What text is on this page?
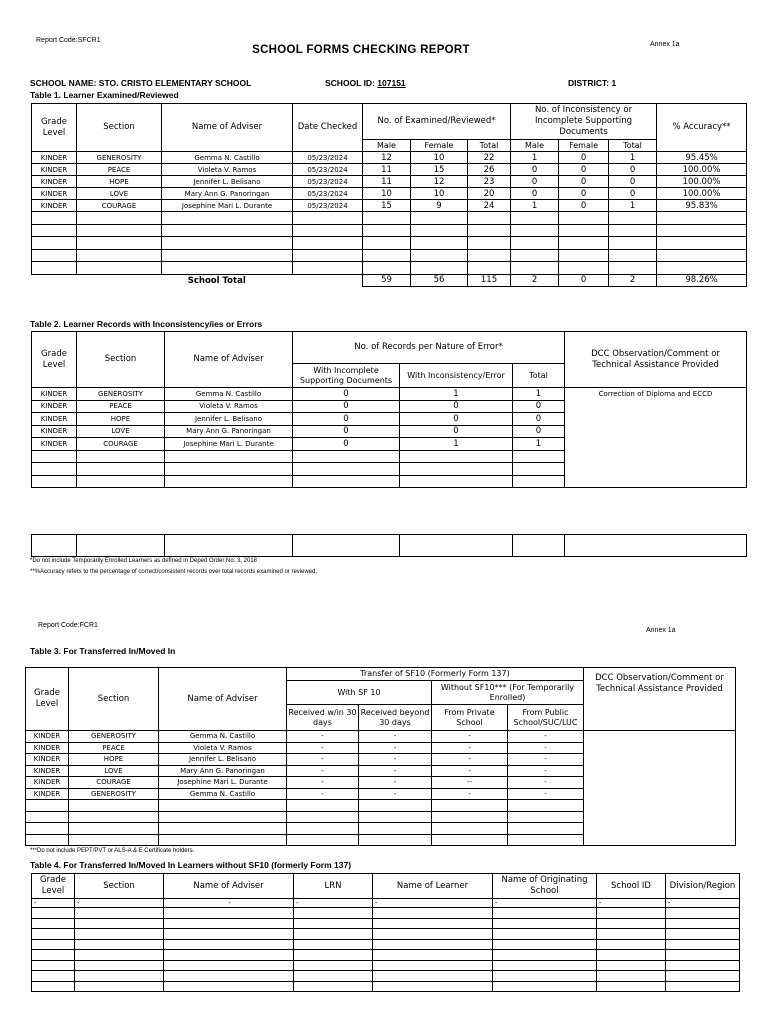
Report Code:SFCR1
Annex 1a
SCHOOL FORMS CHECKING REPORT
SCHOOL NAME: STO. CRISTO ELEMENTARY SCHOOL	SCHOOL ID: 107151	DISTRICT: 1
Table 1. Learner Examined/Reviewed
Grade Level	Section	Name of Adviser	Date Checked	No. of Examined/Reviewed*			No. of Inconsistency or Incomplete Supporting Documents			% Accuracy**
				Male	Female	Total	Male	Female	Total	
KINDER	GENEROSITY	Gemma N. Castillo	05/23/2024	12	10	22	1	0	1	95.45%
KINDER	PEACE	Violeta V. Ramos	05/23/2024	11	15	26	0	0	0	100.00%
KINDER	HOPE	Jennifer L. Belisano	05/23/2024	11	12	23	0	0	0	100.00%
KINDER	LOVE	Mary Ann G. Panoringan	05/23/2024	10	10	20	0	0	0	100.00%
KINDER	COURAGE	Josephine Mari L. Durante	05/23/2024	15	9	24	1	0	1	95.83%

School Total				59	56	115	2	0	2	98.26%
Table 2. Learner Records with Inconsistency/ies or Errors
Grade Level	Section	Name of Adviser	No. of Records per Nature of Error*			DCC Observation/Comment or Technical Assistance Provided
			With Incomplete Supporting Documents	With Inconsistency/Error	Total	
KINDER	GENEROSITY	Gemma N. Castillo	0	1	1	Correction of Diploma and ECCD
KINDER	PEACE	Violeta V. Ramos	0	0	0	
KINDER	HOPE	Jennifer L. Belisano	0	0	0	
KINDER	LOVE	Mary Ann G. Panoringan	0	0	0	
KINDER	COURAGE	Josephine Mari L. Durante	0	1	1	

*Do not include Temporarily Enrolled Learners as defined in Deped Order No. 3, 2018
**%Accuracy refers to the percentage of correct/consistent records over total records examined or reviewed.
Report Code:FCR1
Annex 1a
Table 3. For Transferred In/Moved In
Grade Level	Section	Name of Adviser	Transfer of SF10 (Formerly Form 137)				DCC Observation/Comment or Technical Assistance Provided
			With SF 10		Without SF10*** (For Temporarily Enrolled)		
			Received w/in 30 days	Received beyond 30 days	From Private School	From Public School/SUC/LUC	
KINDER	GENEROSITY	Gemma N. Castillo	-	-	-	-	
KINDER	PEACE	Violeta V. Ramos	-	-	-	-	
KINDER	HOPE	Jennifer L. Belisano	-	-	-	-	
KINDER	LOVE	Mary Ann G. Panoringan	-	-	-	-	
KINDER	COURAGE	Josephine Mari L. Durante	-	-	--	-	
KINDER	GENEROSITY	Gemma N. Castillo	-	-	-	-	

***Do not include PEPT/PVT or ALS-A & E Certificate holders.
Table 4. For Transferred In/Moved In Learners without SF10 (formerly Form 137)
Grade Level	Section	Name of Adviser	LRN	Name of Learner	Name of Originating School	School ID	Division/Region
-	-	-	-	-	-	-	-
